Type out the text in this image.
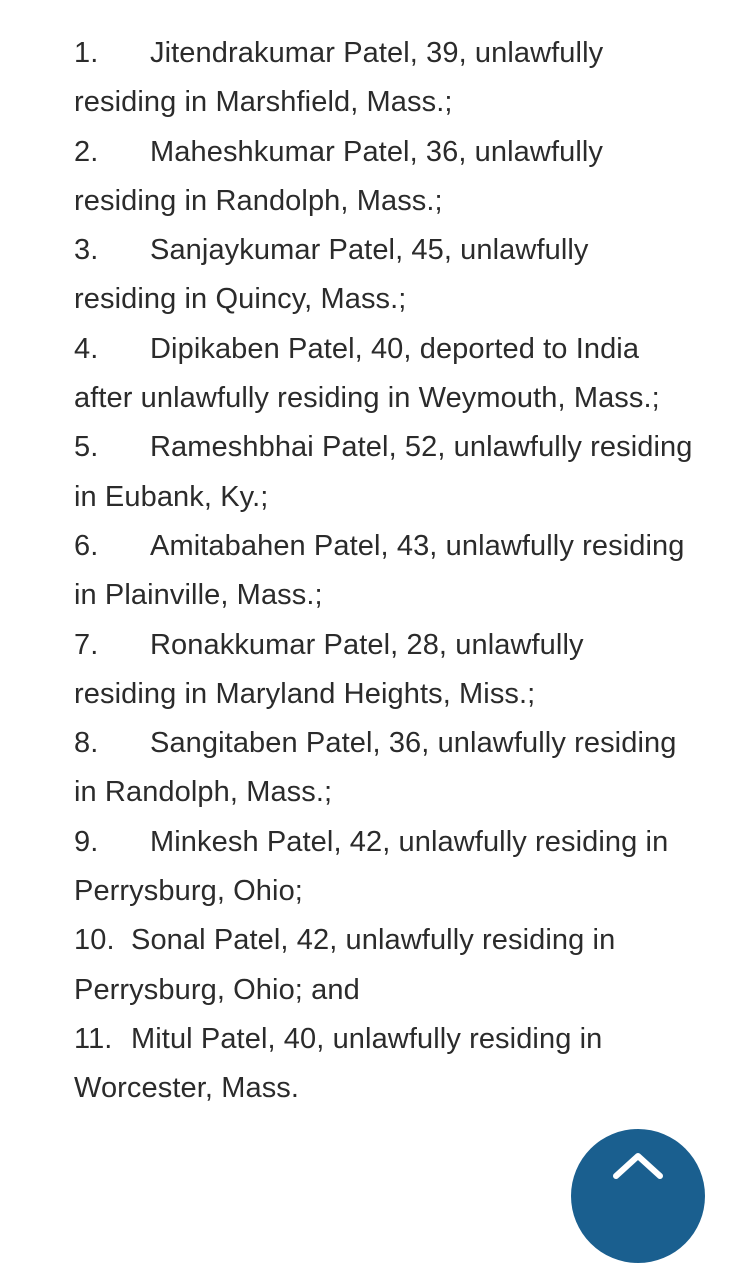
1. Jitendrakumar Patel, 39, unlawfully residing in Marshfield, Mass.;
2. Maheshkumar Patel, 36, unlawfully residing in Randolph, Mass.;
3. Sanjaykumar Patel, 45, unlawfully residing in Quincy, Mass.;
4. Dipikaben Patel, 40, deported to India after unlawfully residing in Weymouth, Mass.;
5. Rameshbhai Patel, 52, unlawfully residing in Eubank, Ky.;
6. Amitabahen Patel, 43, unlawfully residing in Plainville, Mass.;
7. Ronakkumar Patel, 28, unlawfully residing in Maryland Heights, Miss.;
8. Sangitaben Patel, 36, unlawfully residing in Randolph, Mass.;
9. Minkesh Patel, 42, unlawfully residing in Perrysburg, Ohio;
10. Sonal Patel, 42, unlawfully residing in Perrysburg, Ohio; and
11. Mitul Patel, 40, unlawfully residing in Worcester, Mass.
